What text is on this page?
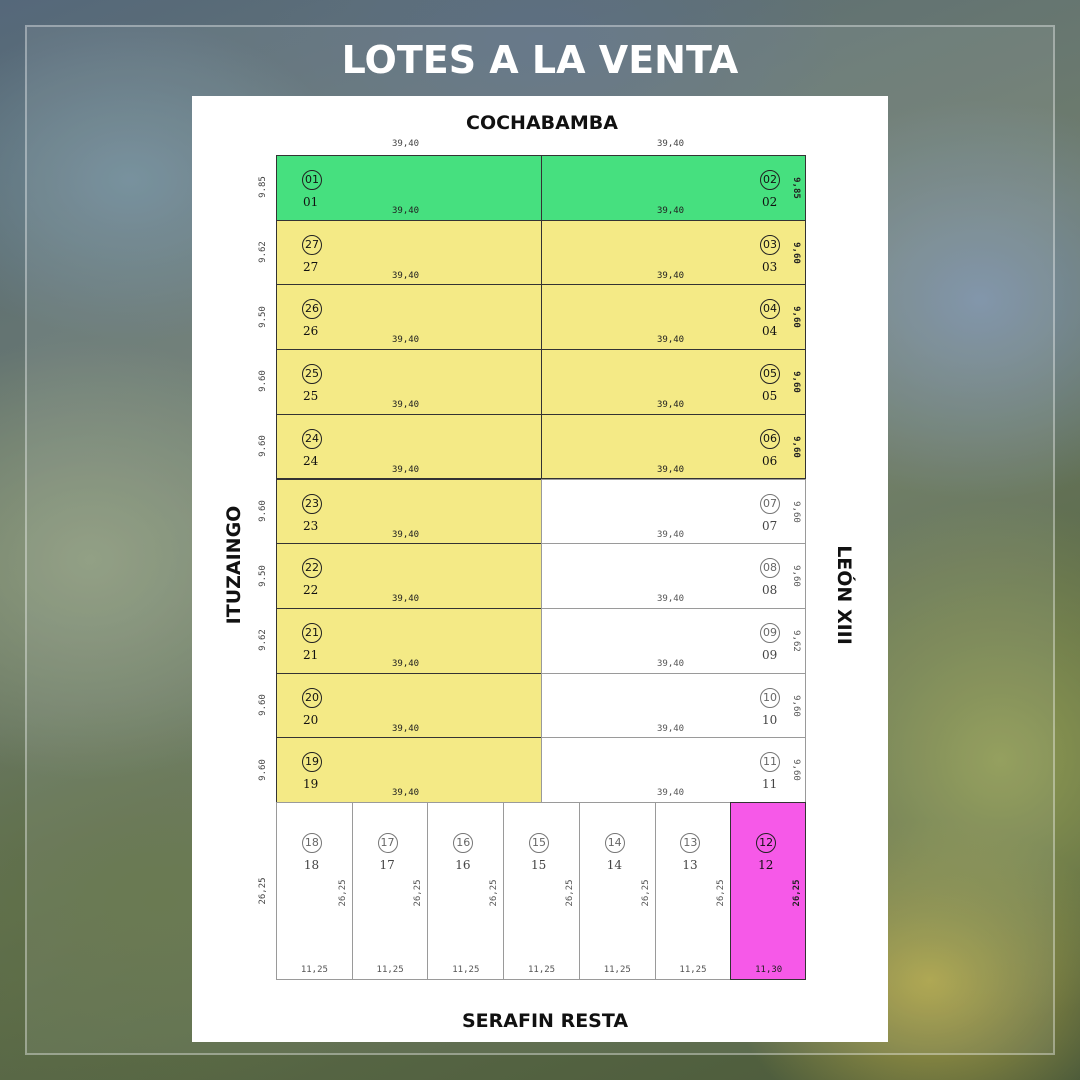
LOTES A LA VENTA
COCHABAMBA
SERAFIN RESTA
ITUZAINGO	LEÓN XIII
39,40	39,40
01
01
39,40
9.85
27
27
39,40
9.62
26
26
39,40
9.50
25
25
39,40
9.60
24
24
39,40
9.60
23
23
39,40
9.60
22
22
39,40
9.50
21
21
39,40
9.62
20
20
39,40
9.60
19
19
39,40
9.60
02
02
39,40
9,85
03
03
39,40
9,60
04
04
39,40
9,60
05
05
39,40
9,60
06
06
39,40
9,60
07
07
39,40
9,60
08
08
39,40
9,60
09
09
39,40
9,62
10
10
39,40
9,60
11
11
39,40
9,60
18
18
11,25
26,25
17
17
11,25
26,25
16
16
11,25
26,25
15
15
11,25
26,25
14
14
11,25
26,25
13
13
11,25
26,25
12
12
11,30
26,25
26,25
